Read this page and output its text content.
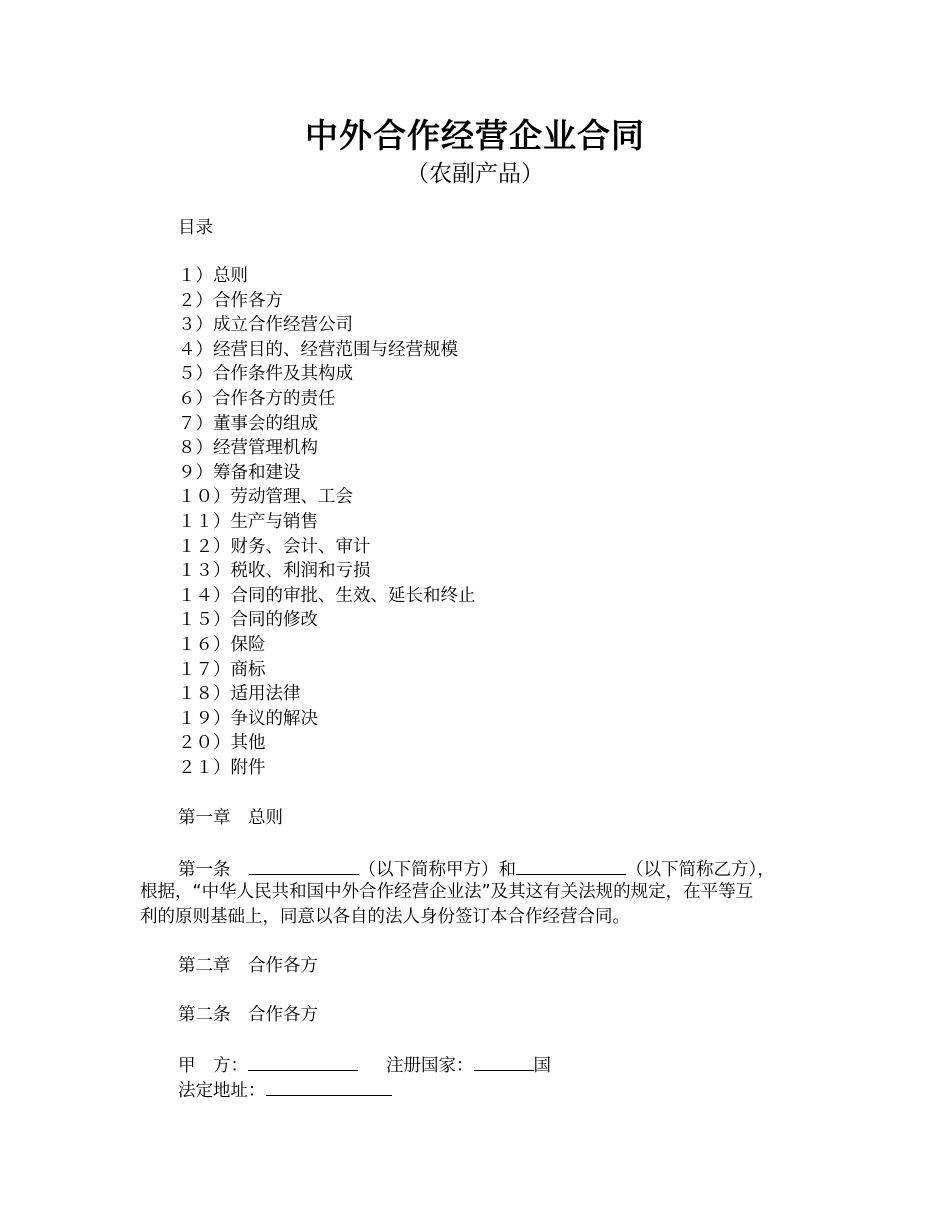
中外合作经营企业合同
（农副产品）
目录
１）总则
２）合作各方
３）成立合作经营公司
４）经营目的、经营范围与经营规模
５）合作条件及其构成
６）合作各方的责任
７）董事会的组成
８）经营管理机构
９）筹备和建设
１０）劳动管理、工会
１１）生产与销售
１２）财务、会计、审计
１３）税收、利润和亏损
１４）合同的审批、生效、延长和终止
１５）合同的修改
１６）保险
１７）商标
１８）适用法律
１９）争议的解决
２０）其他
２１）附件
第一章　总则
第一条	（以下简称甲方）和	（以下简称乙方），
根据，“中华人民共和国中外合作经营企业法”及其这有关法规的规定，在平等互
利的原则基础上，同意以各自的法人身份签订本合作经营合同。
第二章　合作各方
第二条　合作各方
甲　方：	注册国家：	国
法定地址：
